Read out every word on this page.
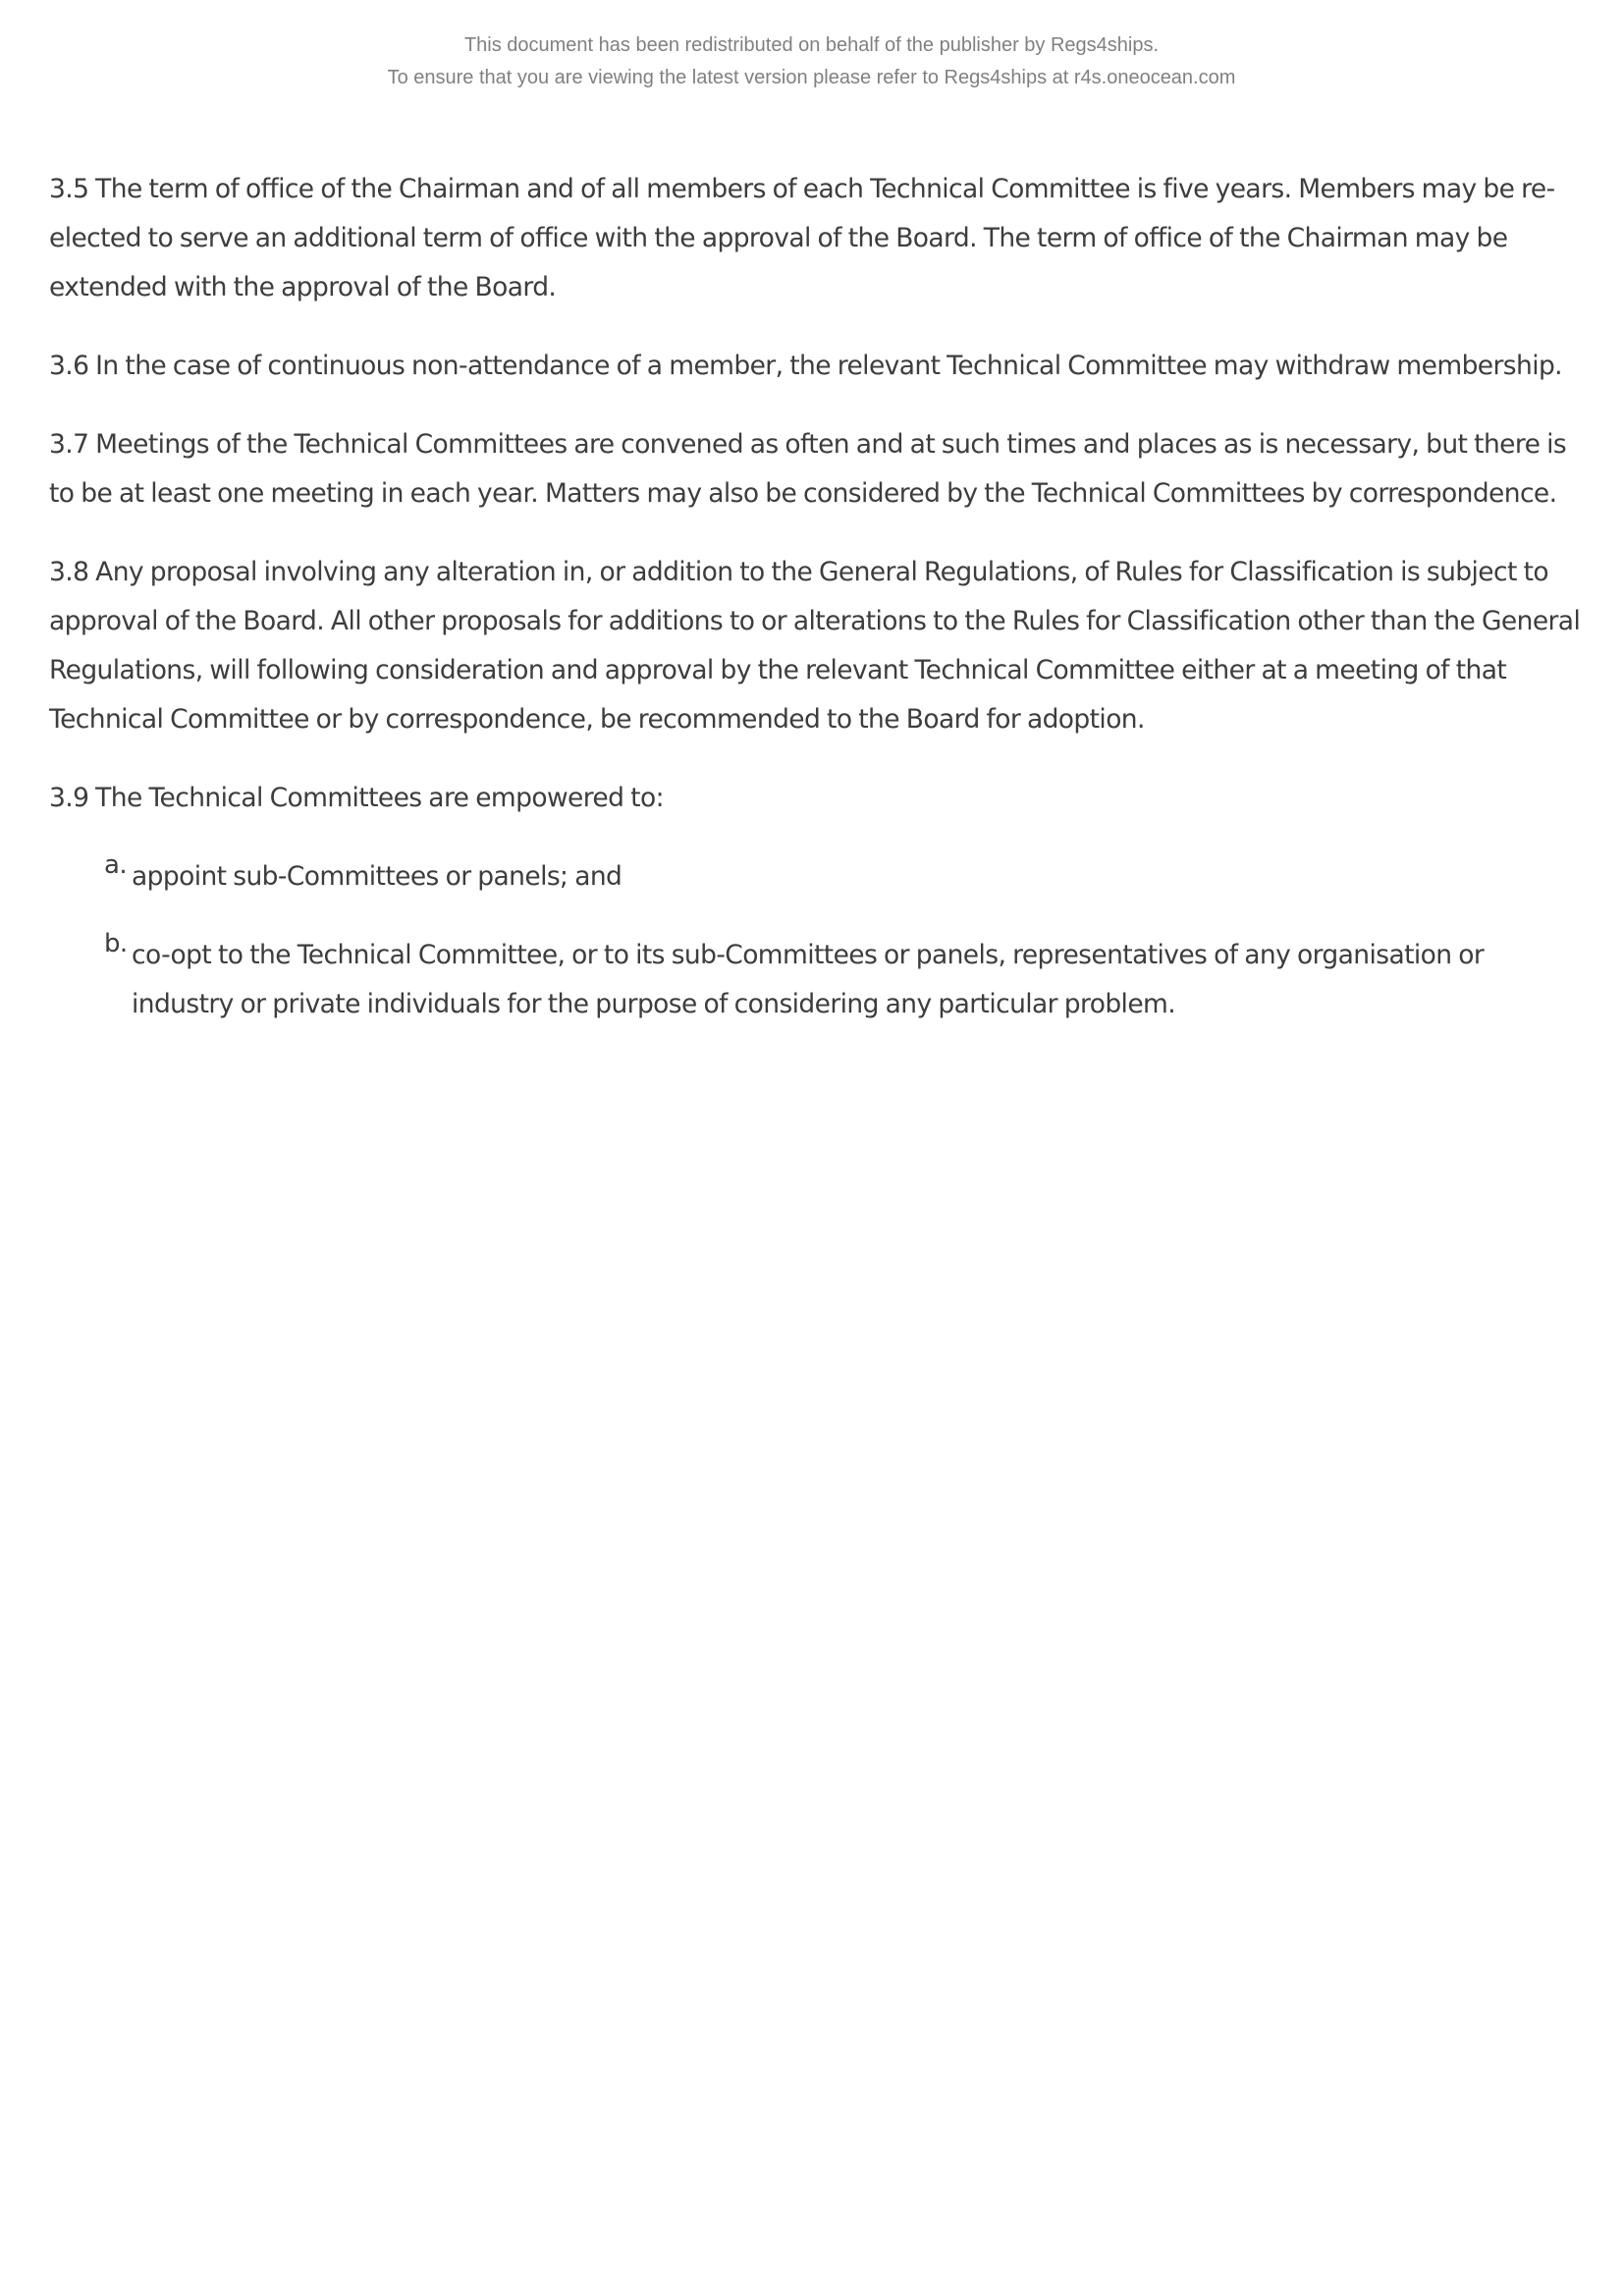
This document has been redistributed on behalf of the publisher by Regs4ships.
To ensure that you are viewing the latest version please refer to Regs4ships at r4s.oneocean.com

3.5 The term of office of the Chairman and of all members of each Technical Committee is five years. Members may be re-elected to serve an additional term of office with the approval of the Board. The term of office of the Chairman may be extended with the approval of the Board.

3.6 In the case of continuous non-attendance of a member, the relevant Technical Committee may withdraw membership.

3.7 Meetings of the Technical Committees are convened as often and at such times and places as is necessary, but there is to be at least one meeting in each year. Matters may also be considered by the Technical Committees by correspondence.

3.8 Any proposal involving any alteration in, or addition to the General Regulations, of Rules for Classification is subject to approval of the Board. All other proposals for additions to or alterations to the Rules for Classification other than the General Regulations, will following consideration and approval by the relevant Technical Committee either at a meeting of that Technical Committee or by correspondence, be recommended to the Board for adoption.

3.9 The Technical Committees are empowered to:

a. appoint sub-Committees or panels; and
b. co-opt to the Technical Committee, or to its sub-Committees or panels, representatives of any organisation or industry or private individuals for the purpose of considering any particular problem.
